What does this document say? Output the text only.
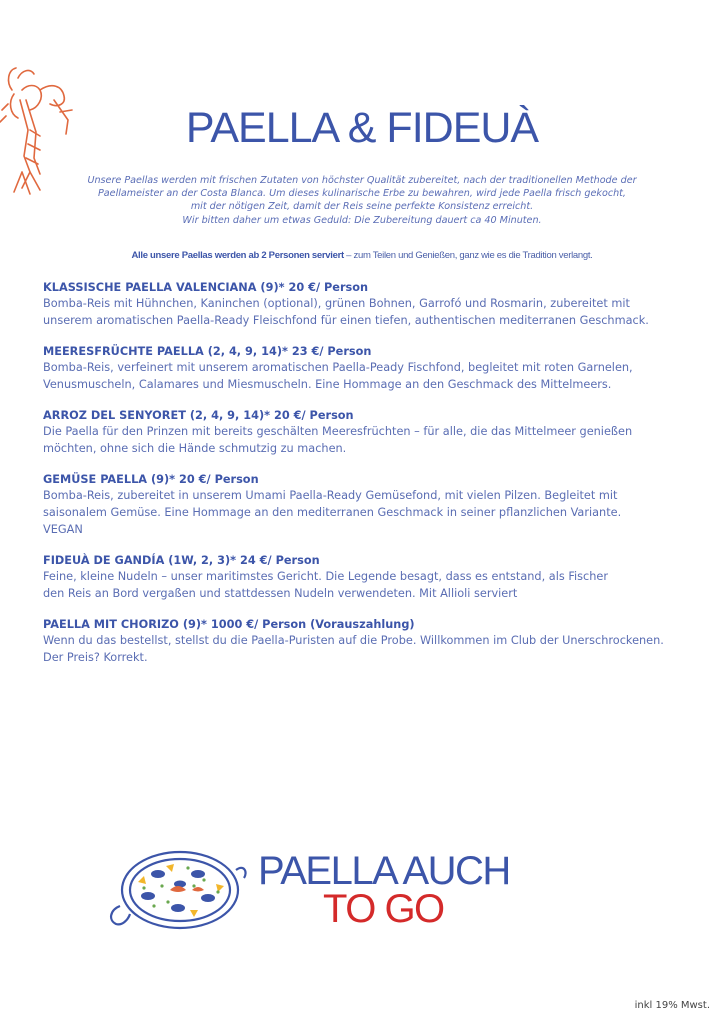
PAELLA & FIDEUÀ
Unsere Paellas werden mit frischen Zutaten von höchster Qualität zubereitet, nach der traditionellen Methode der
Paellameister an der Costa Blanca. Um dieses kulinarische Erbe zu bewahren, wird jede Paella frisch gekocht,
mit der nötigen Zeit, damit der Reis seine perfekte Konsistenz erreicht.
Wir bitten daher um etwas Geduld: Die Zubereitung dauert ca 40 Minuten.
Alle unsere Paellas werden ab 2 Personen serviert – zum Teilen und Genießen, ganz wie es die Tradition verlangt.
KLASSISCHE PAELLA VALENCIANA (9)* 20 €/ Person
Bomba-Reis mit Hühnchen, Kaninchen (optional), grünen Bohnen, Garrofó und Rosmarin, zubereitet mit
unserem aromatischen Paella-Ready Fleischfond für einen tiefen, authentischen mediterranen Geschmack.
MEERESFRÜCHTE PAELLA (2, 4, 9, 14)* 23 €/ Person
Bomba-Reis, verfeinert mit unserem aromatischen Paella-Peady Fischfond, begleitet mit roten Garnelen,
Venusmuscheln, Calamares und Miesmuscheln. Eine Hommage an den Geschmack des Mittelmeers.
ARROZ DEL SENYORET (2, 4, 9, 14)* 20 €/ Person
Die Paella für den Prinzen mit bereits geschälten Meeresfrüchten – für alle, die das Mittelmeer genießen
möchten, ohne sich die Hände schmutzig zu machen.
GEMÜSE PAELLA (9)* 20 €/ Person
Bomba-Reis, zubereitet in unserem Umami Paella-Ready Gemüsefond, mit vielen Pilzen. Begleitet mit
saisonalem Gemüse. Eine Hommage an den mediterranen Geschmack in seiner pflanzlichen Variante.
VEGAN
FIDEUÀ DE GANDÍA (1W, 2, 3)* 24 €/ Person
Feine, kleine Nudeln – unser maritimstes Gericht. Die Legende besagt, dass es entstand, als Fischer
den Reis an Bord vergaßen und stattdessen Nudeln verwendeten. Mit Allioli serviert
PAELLA MIT CHORIZO (9)* 1000 €/ Person (Vorauszahlung)
Wenn du das bestellst, stellst du die Paella-Puristen auf die Probe. Willkommen im Club der Unerschrockenen.
Der Preis? Korrekt.
PAELLA AUCH
TO GO
inkl 19% Mwst.
